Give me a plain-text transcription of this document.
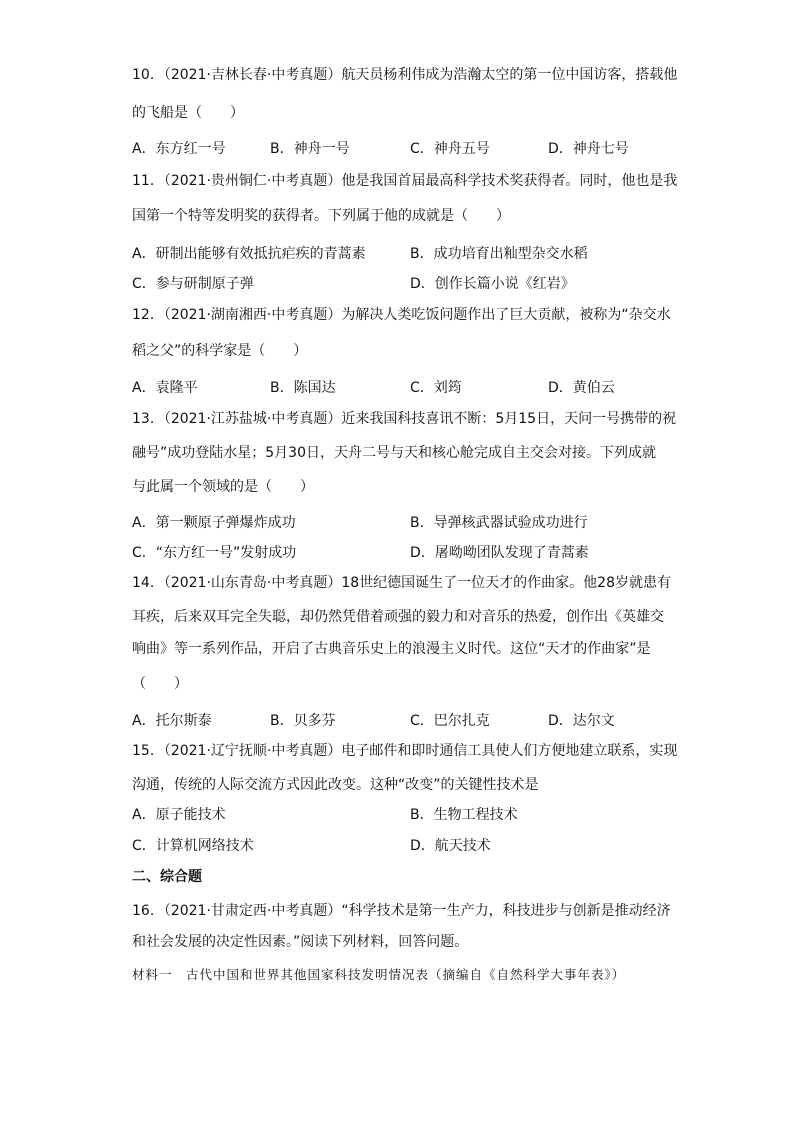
10．（2021·吉林长春·中考真题）航天员杨利伟成为浩瀚太空的第一位中国访客，搭载他
的飞船是（　　）
A．东方红一号	B．神舟一号	C．神舟五号	D．神舟七号
11．（2021·贵州铜仁·中考真题）他是我国首届最高科学技术奖获得者。同时，他也是我
国第一个特等发明奖的获得者。下列属于他的成就是（　　）
A．研制出能够有效抵抗疟疾的青蒿素	B．成功培育出籼型杂交水稻
C．参与研制原子弹	D．创作长篇小说《红岩》
12．（2021·湖南湘西·中考真题）为解决人类吃饭问题作出了巨大贡献，被称为“杂交水
稻之父”的科学家是（　　）
A．袁隆平	B．陈国达	C．刘筠	D．黄伯云
13．（2021·江苏盐城·中考真题）近来我国科技喜讯不断：5月15日，天问一号携带的祝
融号”成功登陆水星；5月30日，天舟二号与天和核心舱完成自主交会对接。下列成就
与此属一个领域的是（　　）
A．第一颗原子弹爆炸成功	B．导弹核武器试验成功进行
C．“东方红一号”发射成功	D．屠呦呦团队发现了青蒿素
14．（2021·山东青岛·中考真题）18世纪德国诞生了一位天才的作曲家。他28岁就患有
耳疾，后来双耳完全失聪，却仍然凭借着顽强的毅力和对音乐的热爱，创作出《英雄交
响曲》等一系列作品，开启了古典音乐史上的浪漫主义时代。这位“天才的作曲家”是
（　　）
A．托尔斯泰	B．贝多芬	C．巴尔扎克	D．达尔文
15．（2021·辽宁抚顺·中考真题）电子邮件和即时通信工具使人们方便地建立联系，实现
沟通，传统的人际交流方式因此改变。这种“改变”的关键性技术是
A．原子能技术	B．生物工程技术
C．计算机网络技术	D．航天技术
二、综合题
16．（2021·甘肃定西·中考真题）“科学技术是第一生产力，科技进步与创新是推动经济
和社会发展的决定性因素。”阅读下列材料，回答问题。
材料一　古代中国和世界其他国家科技发明情况表（摘编自《自然科学大事年表》）
